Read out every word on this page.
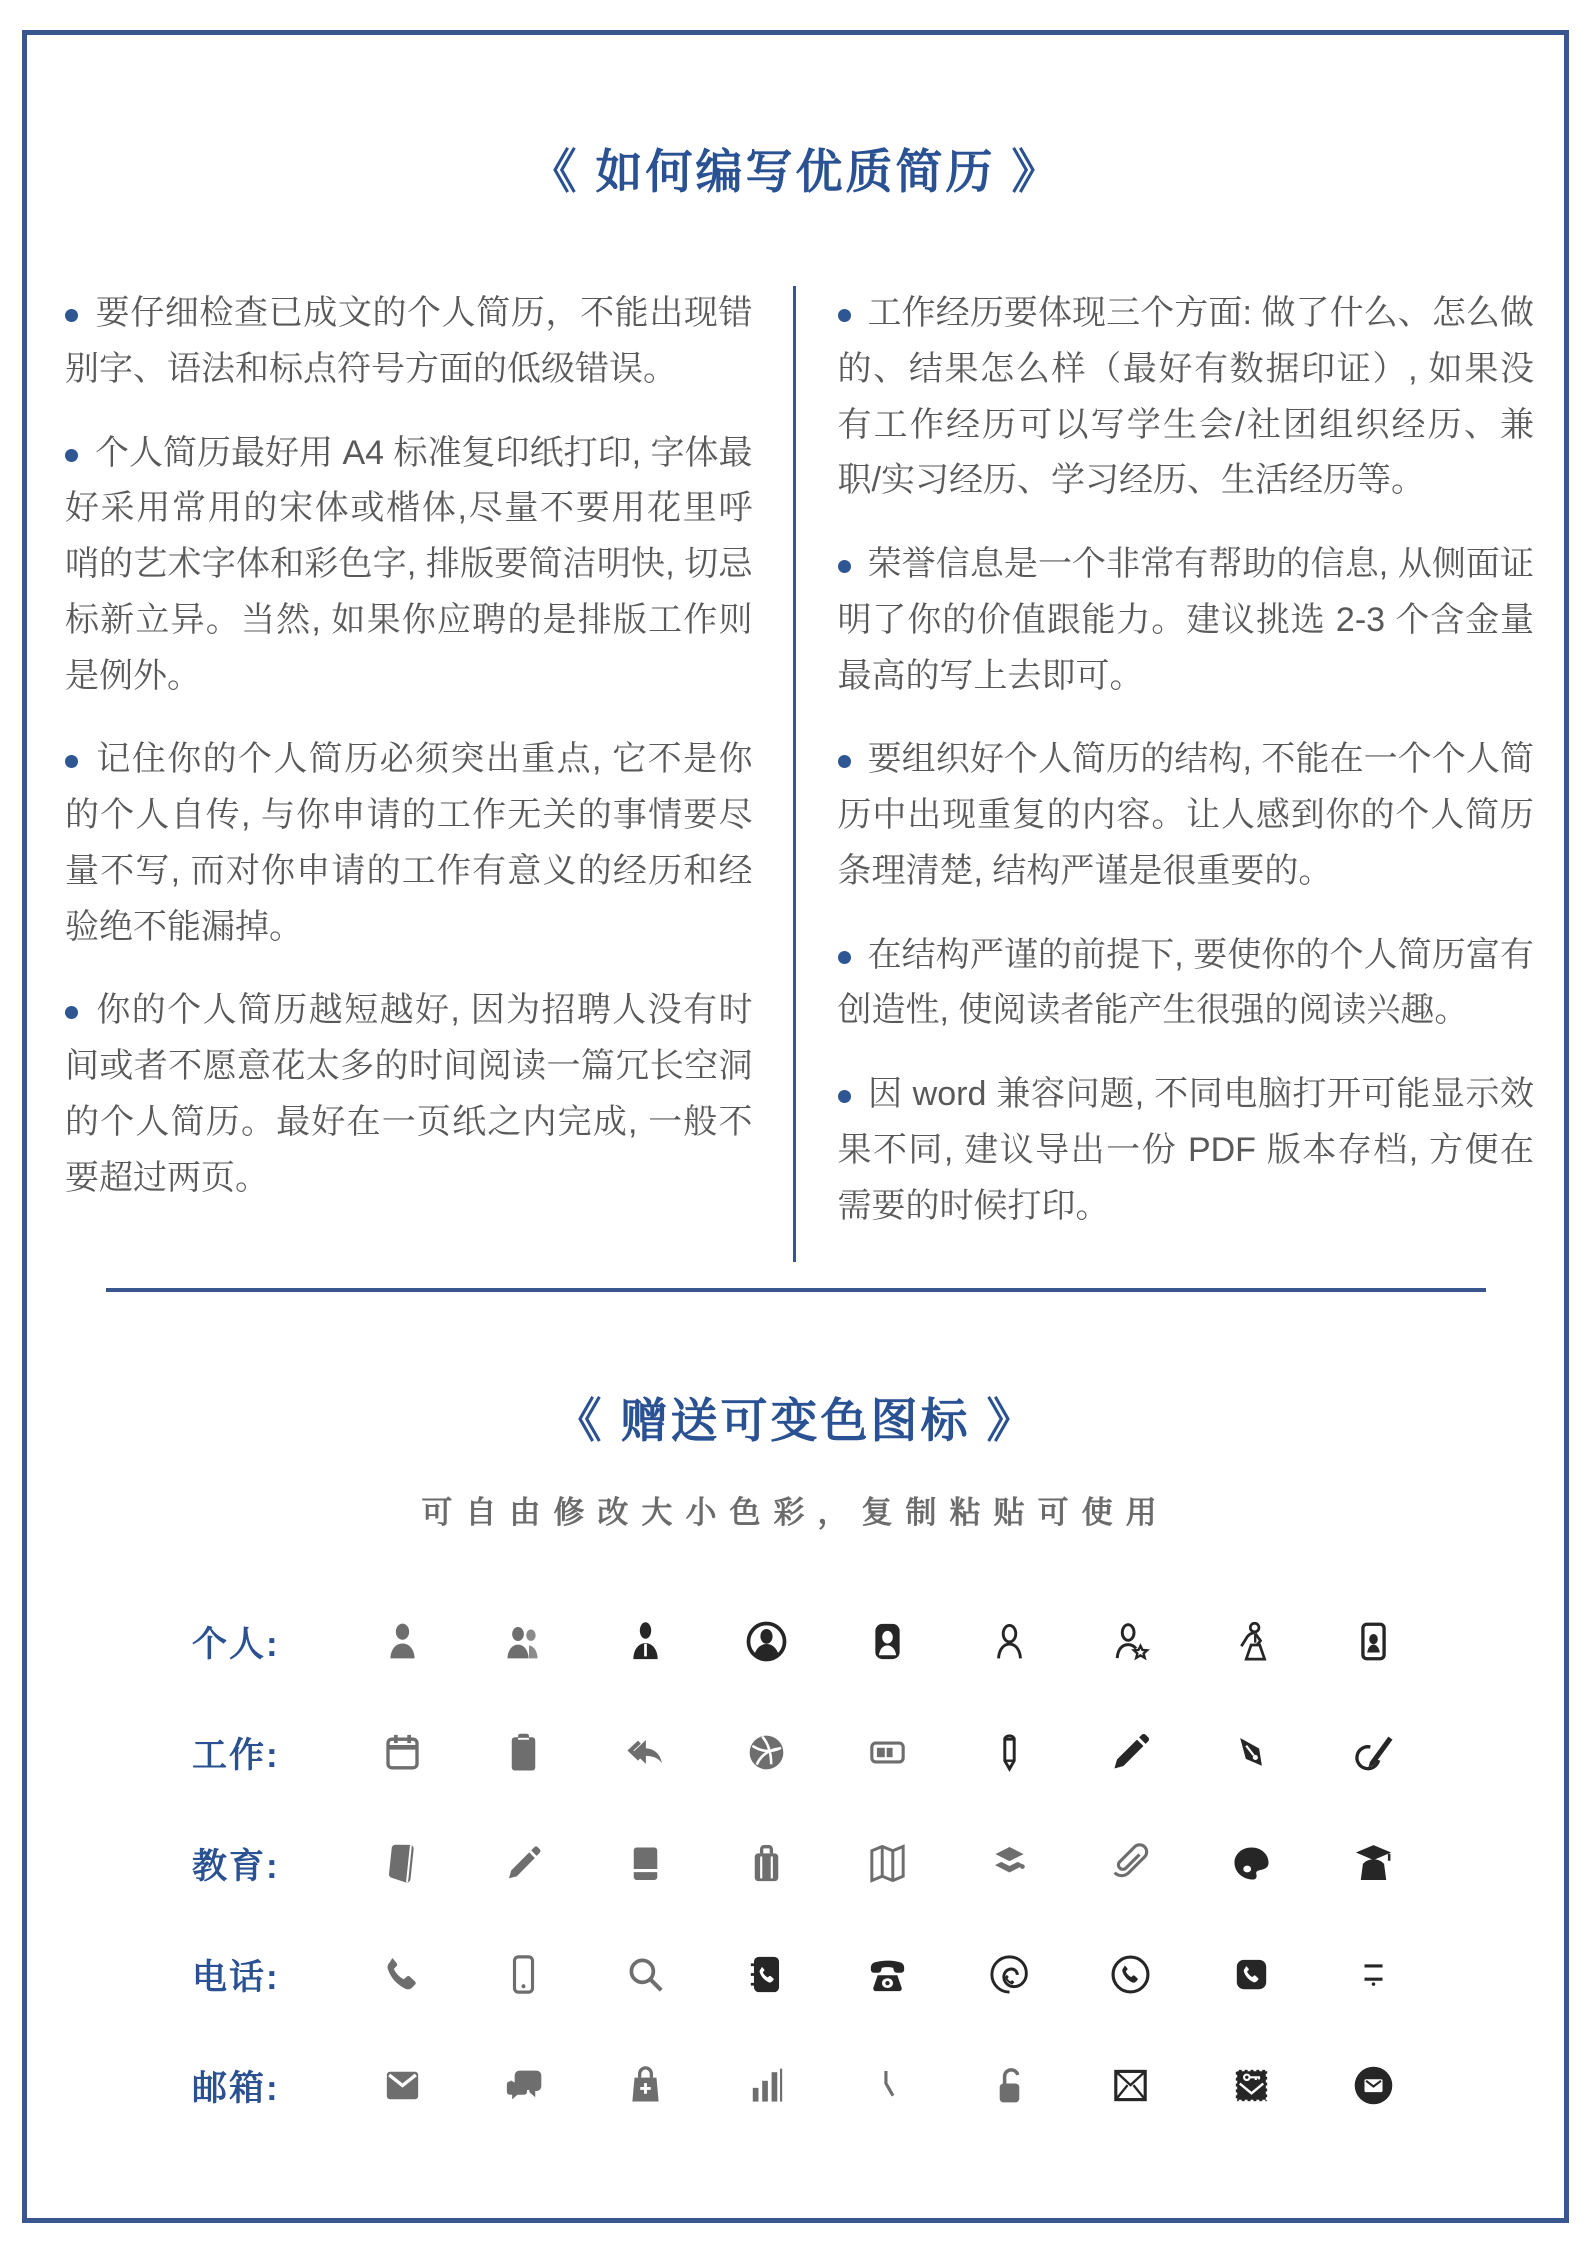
《 如何编写优质简历 》

要仔细检查已成文的个人简历，不能出现错别字、语法和标点符号方面的低级错误。

个人简历最好用 A4 标准复印纸打印, 字体最好采用常用的宋体或楷体,尽量不要用花里呼哨的艺术字体和彩色字, 排版要简洁明快, 切忌标新立异。当然, 如果你应聘的是排版工作则是例外。

记住你的个人简历必须突出重点, 它不是你的个人自传, 与你申请的工作无关的事情要尽量不写, 而对你申请的工作有意义的经历和经验绝不能漏掉。

你的个人简历越短越好, 因为招聘人没有时间或者不愿意花太多的时间阅读一篇冗长空洞的个人简历。最好在一页纸之内完成, 一般不要超过两页。

工作经历要体现三个方面: 做了什么、怎么做的、结果怎么样（最好有数据印证）, 如果没有工作经历可以写学生会/社团组织经历、兼职/实习经历、学习经历、生活经历等。

荣誉信息是一个非常有帮助的信息, 从侧面证明了你的价值跟能力。建议挑选 2-3 个含金量最高的写上去即可。

要组织好个人简历的结构, 不能在一个个人简历中出现重复的内容。让人感到你的个人简历条理清楚, 结构严谨是很重要的。

在结构严谨的前提下, 要使你的个人简历富有创造性, 使阅读者能产生很强的阅读兴趣。

因 word 兼容问题, 不同电脑打开可能显示效果不同, 建议导出一份 PDF 版本存档, 方便在需要的时候打印。

《 赠送可变色图标 》

可自由修改大小色彩，复制粘贴可使用

个人:
工作:
教育:
电话:
邮箱:
